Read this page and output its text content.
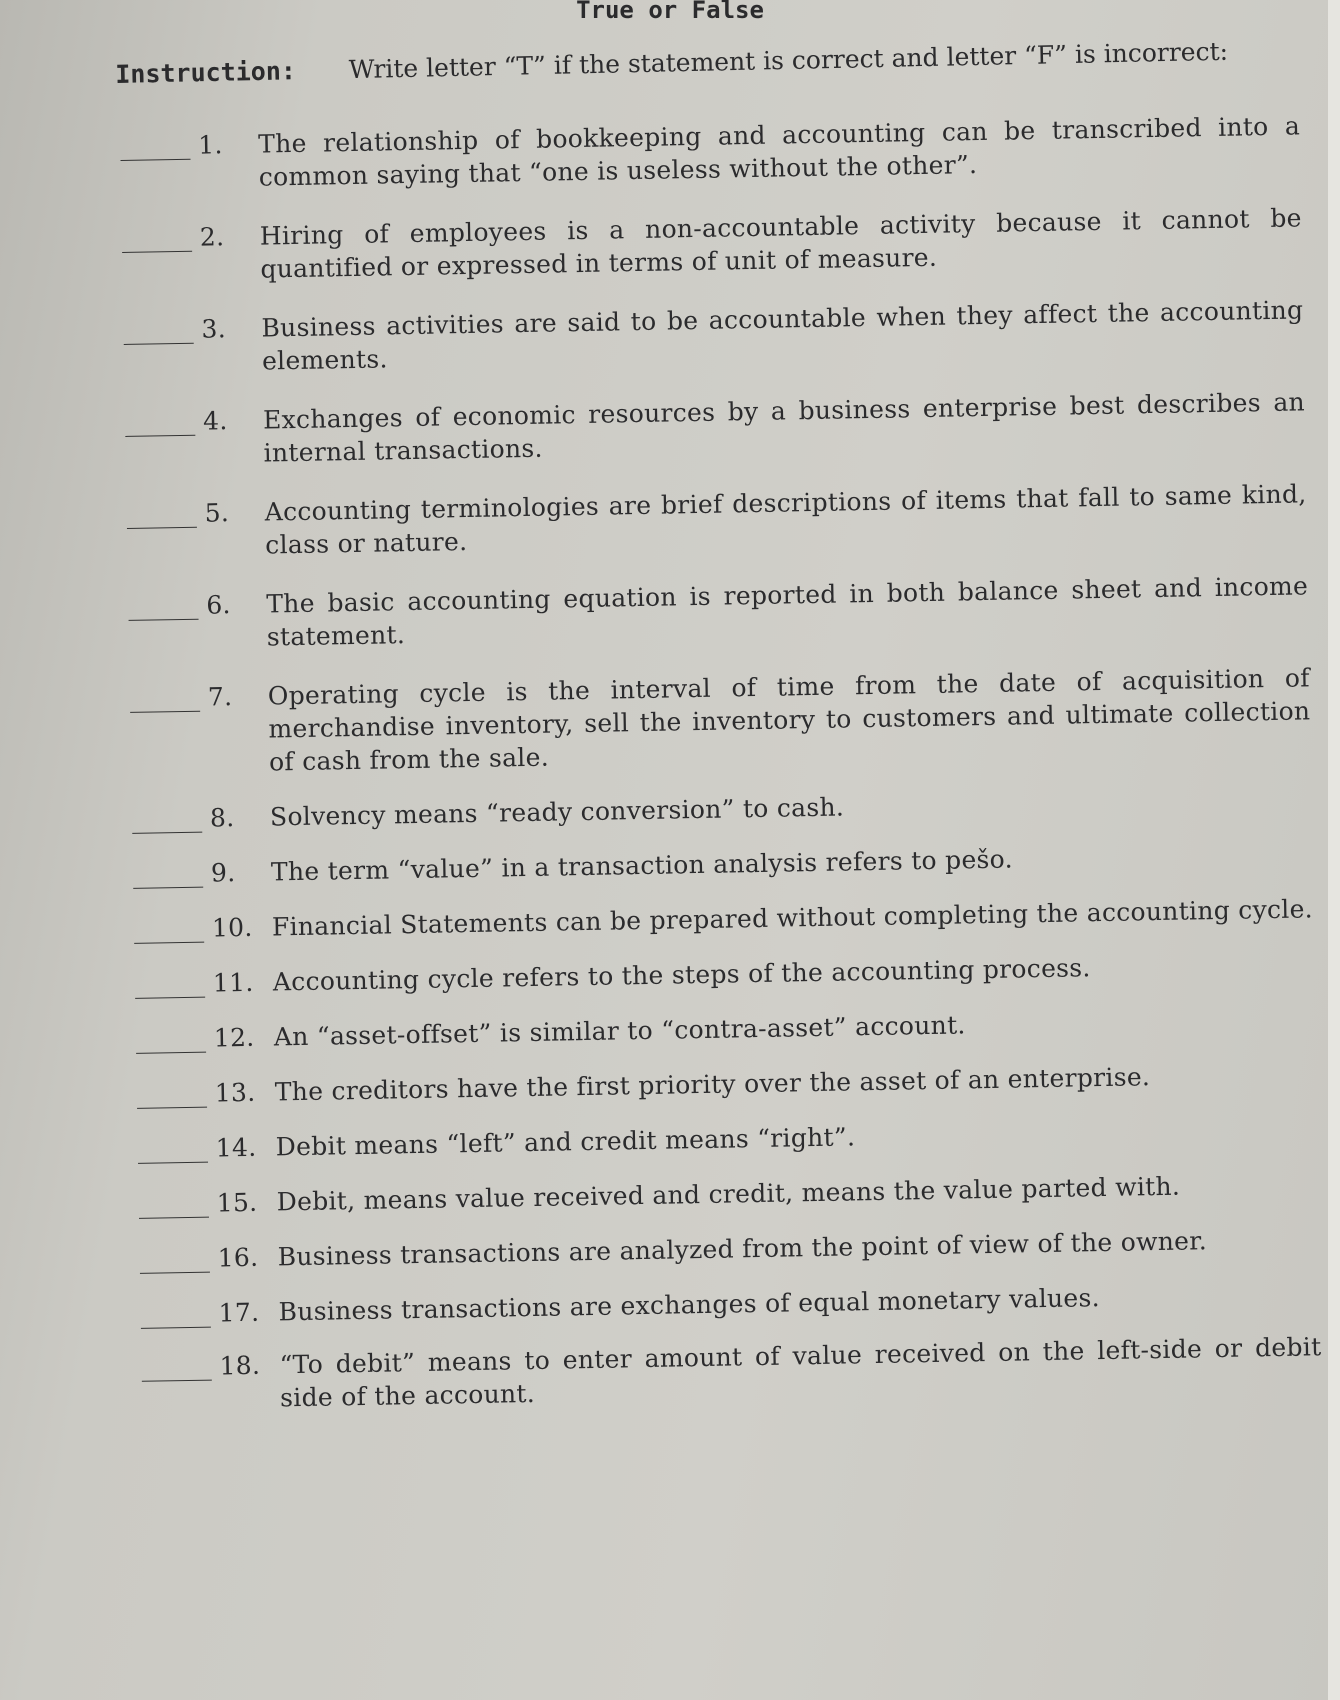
True or False
Instruction: Write letter “T” if the statement is correct and letter “F” is incorrect:
1.	The relationship of bookkeeping and accounting can be transcribed into a common saying that “one is useless without the other”.
2.	Hiring of employees is a non-accountable activity because it cannot be quantified or expressed in terms of unit of measure.
3.	Business activities are said to be accountable when they affect the accounting elements.
4.	Exchanges of economic resources by a business enterprise best describes an internal transactions.
5.	Accounting terminologies are brief descriptions of items that fall to same kind, class or nature.
6.	The basic accounting equation is reported in both balance sheet and income statement.
7.	Operating cycle is the interval of time from the date of acquisition of merchandise inventory, sell the inventory to customers and ultimate collection of cash from the sale.
8.	Solvency means “ready conversion” to cash.
9.	The term “value” in a transaction analysis refers to pešo.
10. Financial Statements can be prepared without completing the accounting cycle.
11. Accounting cycle refers to the steps of the accounting process.
12. An “asset-offset” is similar to “contra-asset” account.
13. The creditors have the first priority over the asset of an enterprise.
14. Debit means “left” and credit means “right”.
15. Debit, means value received and credit, means the value parted with.
16. Business transactions are analyzed from the point of view of the owner.
17. Business transactions are exchanges of equal monetary values.
18. “To debit” means to enter amount of value received on the left-side or debit side of the account.
